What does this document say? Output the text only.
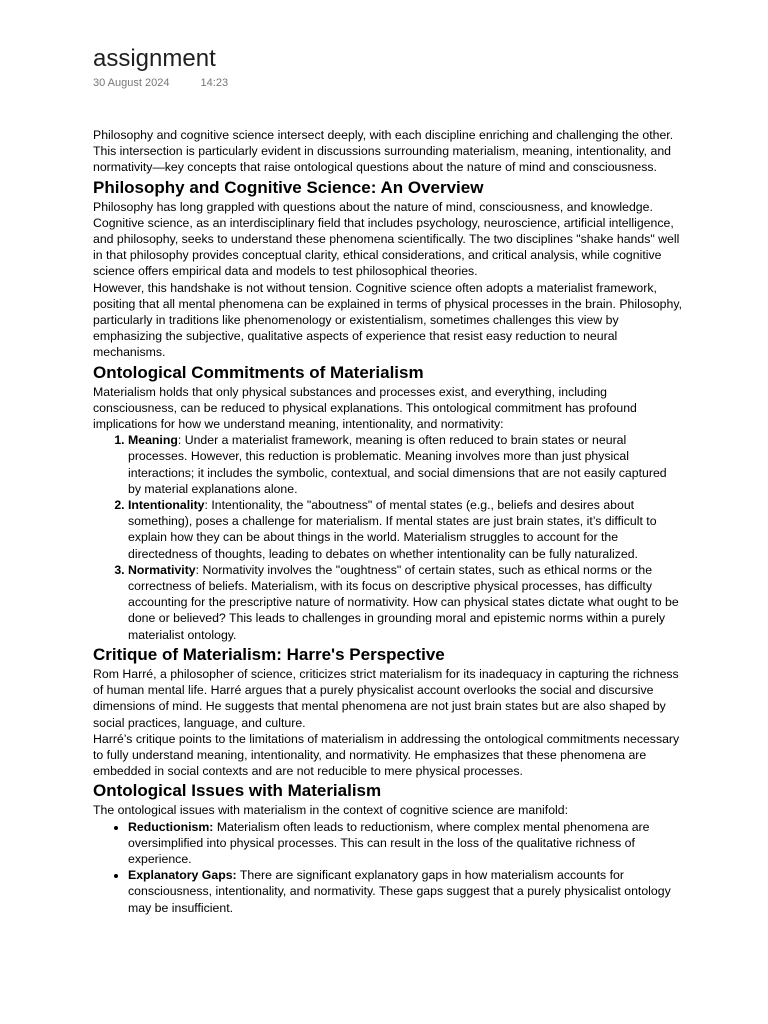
assignment
30 August 2024	14:23

Philosophy and cognitive science intersect deeply, with each discipline enriching and challenging the other. This intersection is particularly evident in discussions surrounding materialism, meaning, intentionality, and normativity—key concepts that raise ontological questions about the nature of mind and consciousness.

Philosophy and Cognitive Science: An Overview

Philosophy has long grappled with questions about the nature of mind, consciousness, and knowledge. Cognitive science, as an interdisciplinary field that includes psychology, neuroscience, artificial intelligence, and philosophy, seeks to understand these phenomena scientifically. The two disciplines "shake hands" well in that philosophy provides conceptual clarity, ethical considerations, and critical analysis, while cognitive science offers empirical data and models to test philosophical theories.

However, this handshake is not without tension. Cognitive science often adopts a materialist framework, positing that all mental phenomena can be explained in terms of physical processes in the brain. Philosophy, particularly in traditions like phenomenology or existentialism, sometimes challenges this view by emphasizing the subjective, qualitative aspects of experience that resist easy reduction to neural mechanisms.

Ontological Commitments of Materialism

Materialism holds that only physical substances and processes exist, and everything, including consciousness, can be reduced to physical explanations. This ontological commitment has profound implications for how we understand meaning, intentionality, and normativity:

1. Meaning: Under a materialist framework, meaning is often reduced to brain states or neural processes. However, this reduction is problematic. Meaning involves more than just physical interactions; it includes the symbolic, contextual, and social dimensions that are not easily captured by material explanations alone.
2. Intentionality: Intentionality, the "aboutness" of mental states (e.g., beliefs and desires about something), poses a challenge for materialism. If mental states are just brain states, it’s difficult to explain how they can be about things in the world. Materialism struggles to account for the directedness of thoughts, leading to debates on whether intentionality can be fully naturalized.
3. Normativity: Normativity involves the "oughtness" of certain states, such as ethical norms or the correctness of beliefs. Materialism, with its focus on descriptive physical processes, has difficulty accounting for the prescriptive nature of normativity. How can physical states dictate what ought to be done or believed? This leads to challenges in grounding moral and epistemic norms within a purely materialist ontology.
Critique of Materialism: Harre's Perspective

Rom Harré, a philosopher of science, criticizes strict materialism for its inadequacy in capturing the richness of human mental life. Harré argues that a purely physicalist account overlooks the social and discursive dimensions of mind. He suggests that mental phenomena are not just brain states but are also shaped by social practices, language, and culture.

Harré’s critique points to the limitations of materialism in addressing the ontological commitments necessary to fully understand meaning, intentionality, and normativity. He emphasizes that these phenomena are embedded in social contexts and are not reducible to mere physical processes.

Ontological Issues with Materialism

The ontological issues with materialism in the context of cognitive science are manifold:

• Reductionism: Materialism often leads to reductionism, where complex mental phenomena are oversimplified into physical processes. This can result in the loss of the qualitative richness of experience.
• Explanatory Gaps: There are significant explanatory gaps in how materialism accounts for consciousness, intentionality, and normativity. These gaps suggest that a purely physicalist ontology may be insufficient.
